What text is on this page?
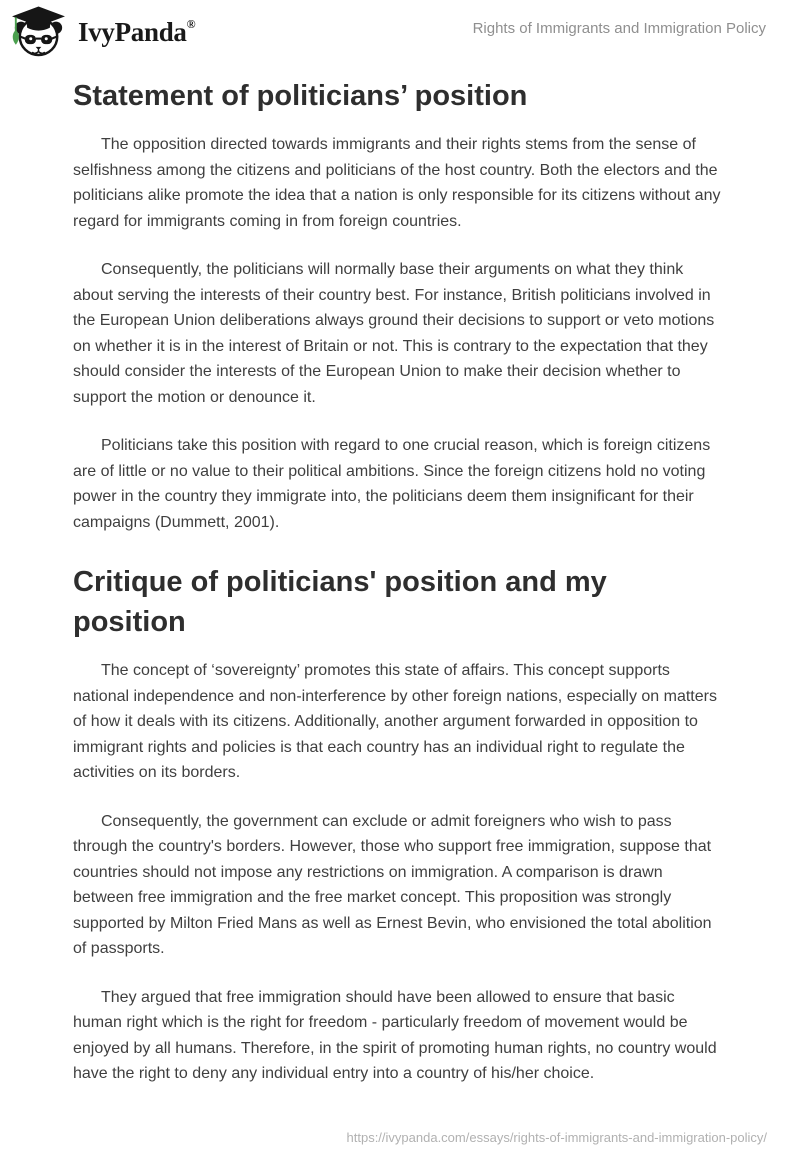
IvyPanda®	Rights of Immigrants and Immigration Policy
Statement of politicians’ position

The opposition directed towards immigrants and their rights stems from the sense of selfishness among the citizens and politicians of the host country. Both the electors and the politicians alike promote the idea that a nation is only responsible for its citizens without any regard for immigrants coming in from foreign countries.

Consequently, the politicians will normally base their arguments on what they think about serving the interests of their country best. For instance, British politicians involved in the European Union deliberations always ground their decisions to support or veto motions on whether it is in the interest of Britain or not. This is contrary to the expectation that they should consider the interests of the European Union to make their decision whether to support the motion or denounce it.

Politicians take this position with regard to one crucial reason, which is foreign citizens are of little or no value to their political ambitions. Since the foreign citizens hold no voting power in the country they immigrate into, the politicians deem them insignificant for their campaigns (Dummett, 2001).

Critique of politicians' position and my position

The concept of ‘sovereignty’ promotes this state of affairs. This concept supports national independence and non-interference by other foreign nations, especially on matters of how it deals with its citizens. Additionally, another argument forwarded in opposition to immigrant rights and policies is that each country has an individual right to regulate the activities on its borders.

Consequently, the government can exclude or admit foreigners who wish to pass through the country's borders. However, those who support free immigration, suppose that countries should not impose any restrictions on immigration. A comparison is drawn between free immigration and the free market concept. This proposition was strongly supported by Milton Fried Mans as well as Ernest Bevin, who envisioned the total abolition of passports.

They argued that free immigration should have been allowed to ensure that basic human right which is the right for freedom - particularly freedom of movement would be enjoyed by all humans. Therefore, in the spirit of promoting human rights, no country would have the right to deny any individual entry into a country of his/her choice.

https://ivypanda.com/essays/rights-of-immigrants-and-immigration-policy/
